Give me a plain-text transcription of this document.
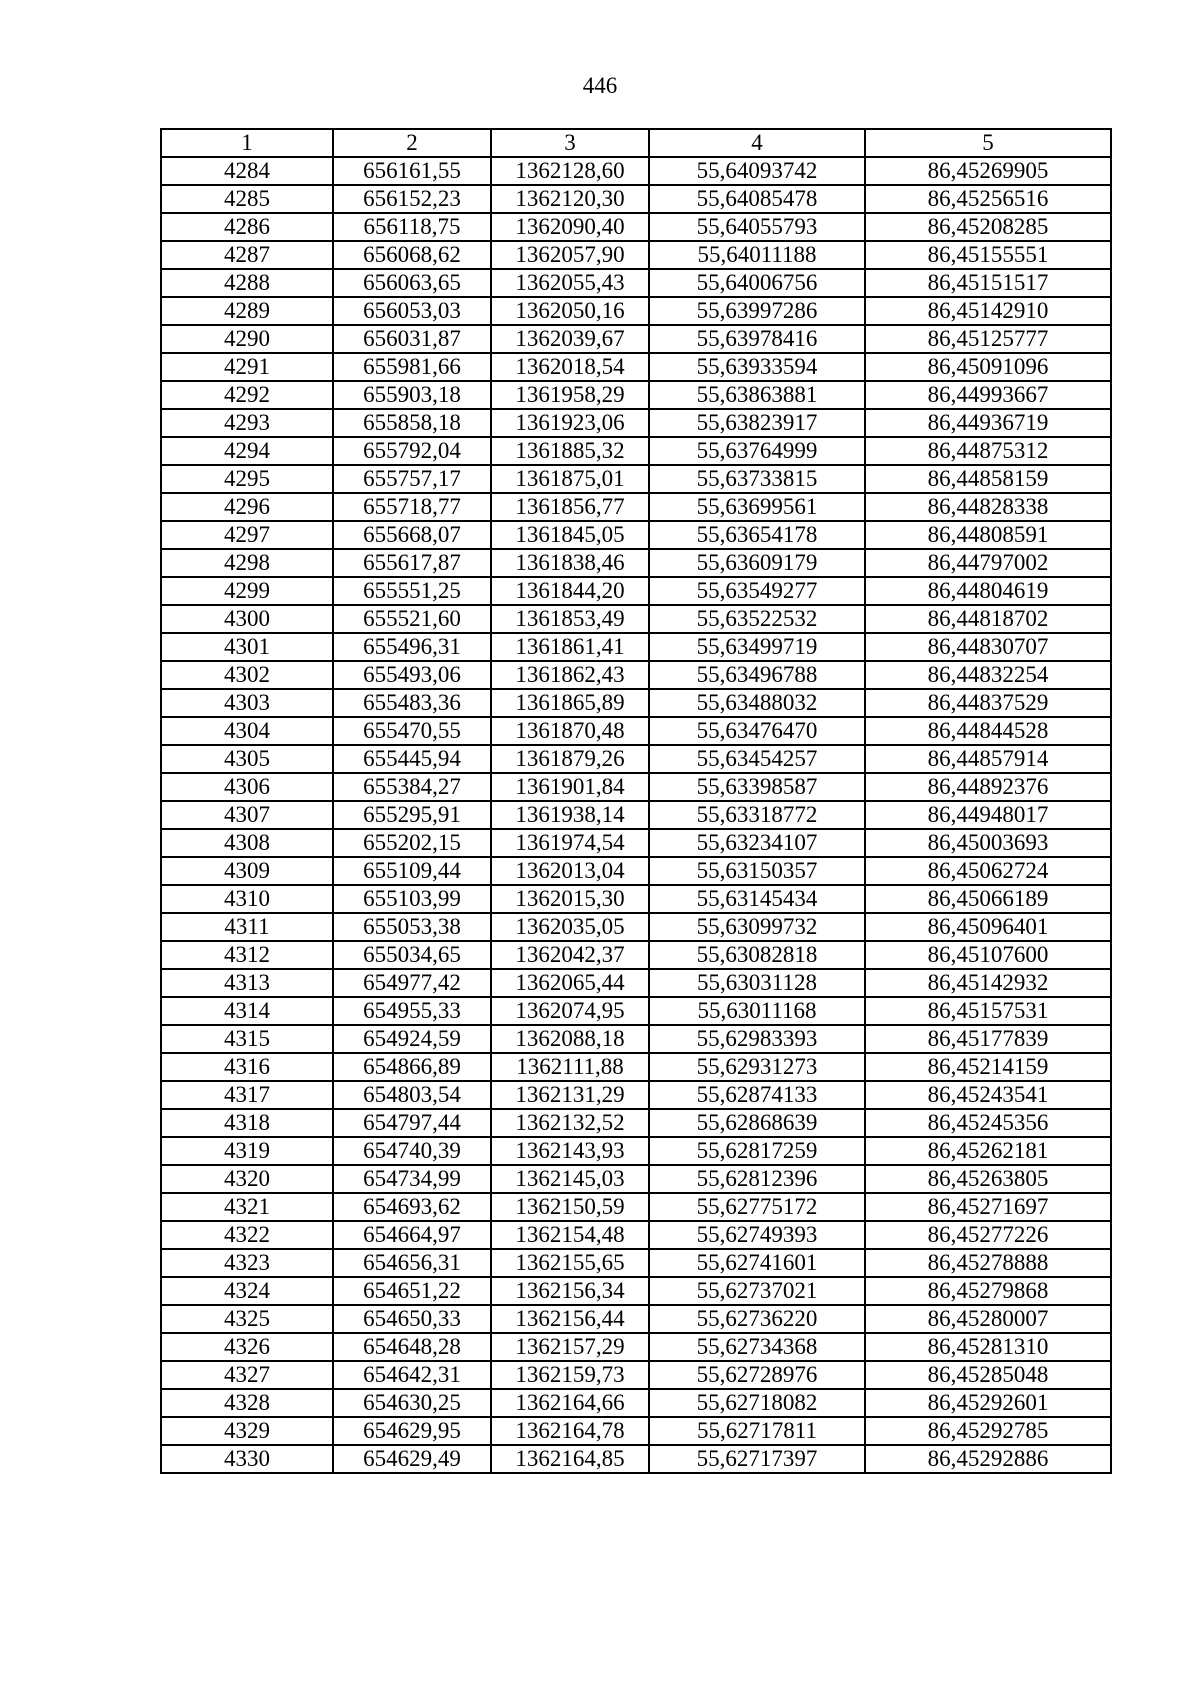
446
1	2	3	4	5
4284	656161,55	1362128,60	55,64093742	86,45269905
4285	656152,23	1362120,30	55,64085478	86,45256516
4286	656118,75	1362090,40	55,64055793	86,45208285
4287	656068,62	1362057,90	55,64011188	86,45155551
4288	656063,65	1362055,43	55,64006756	86,45151517
4289	656053,03	1362050,16	55,63997286	86,45142910
4290	656031,87	1362039,67	55,63978416	86,45125777
4291	655981,66	1362018,54	55,63933594	86,45091096
4292	655903,18	1361958,29	55,63863881	86,44993667
4293	655858,18	1361923,06	55,63823917	86,44936719
4294	655792,04	1361885,32	55,63764999	86,44875312
4295	655757,17	1361875,01	55,63733815	86,44858159
4296	655718,77	1361856,77	55,63699561	86,44828338
4297	655668,07	1361845,05	55,63654178	86,44808591
4298	655617,87	1361838,46	55,63609179	86,44797002
4299	655551,25	1361844,20	55,63549277	86,44804619
4300	655521,60	1361853,49	55,63522532	86,44818702
4301	655496,31	1361861,41	55,63499719	86,44830707
4302	655493,06	1361862,43	55,63496788	86,44832254
4303	655483,36	1361865,89	55,63488032	86,44837529
4304	655470,55	1361870,48	55,63476470	86,44844528
4305	655445,94	1361879,26	55,63454257	86,44857914
4306	655384,27	1361901,84	55,63398587	86,44892376
4307	655295,91	1361938,14	55,63318772	86,44948017
4308	655202,15	1361974,54	55,63234107	86,45003693
4309	655109,44	1362013,04	55,63150357	86,45062724
4310	655103,99	1362015,30	55,63145434	86,45066189
4311	655053,38	1362035,05	55,63099732	86,45096401
4312	655034,65	1362042,37	55,63082818	86,45107600
4313	654977,42	1362065,44	55,63031128	86,45142932
4314	654955,33	1362074,95	55,63011168	86,45157531
4315	654924,59	1362088,18	55,62983393	86,45177839
4316	654866,89	1362111,88	55,62931273	86,45214159
4317	654803,54	1362131,29	55,62874133	86,45243541
4318	654797,44	1362132,52	55,62868639	86,45245356
4319	654740,39	1362143,93	55,62817259	86,45262181
4320	654734,99	1362145,03	55,62812396	86,45263805
4321	654693,62	1362150,59	55,62775172	86,45271697
4322	654664,97	1362154,48	55,62749393	86,45277226
4323	654656,31	1362155,65	55,62741601	86,45278888
4324	654651,22	1362156,34	55,62737021	86,45279868
4325	654650,33	1362156,44	55,62736220	86,45280007
4326	654648,28	1362157,29	55,62734368	86,45281310
4327	654642,31	1362159,73	55,62728976	86,45285048
4328	654630,25	1362164,66	55,62718082	86,45292601
4329	654629,95	1362164,78	55,62717811	86,45292785
4330	654629,49	1362164,85	55,62717397	86,45292886
